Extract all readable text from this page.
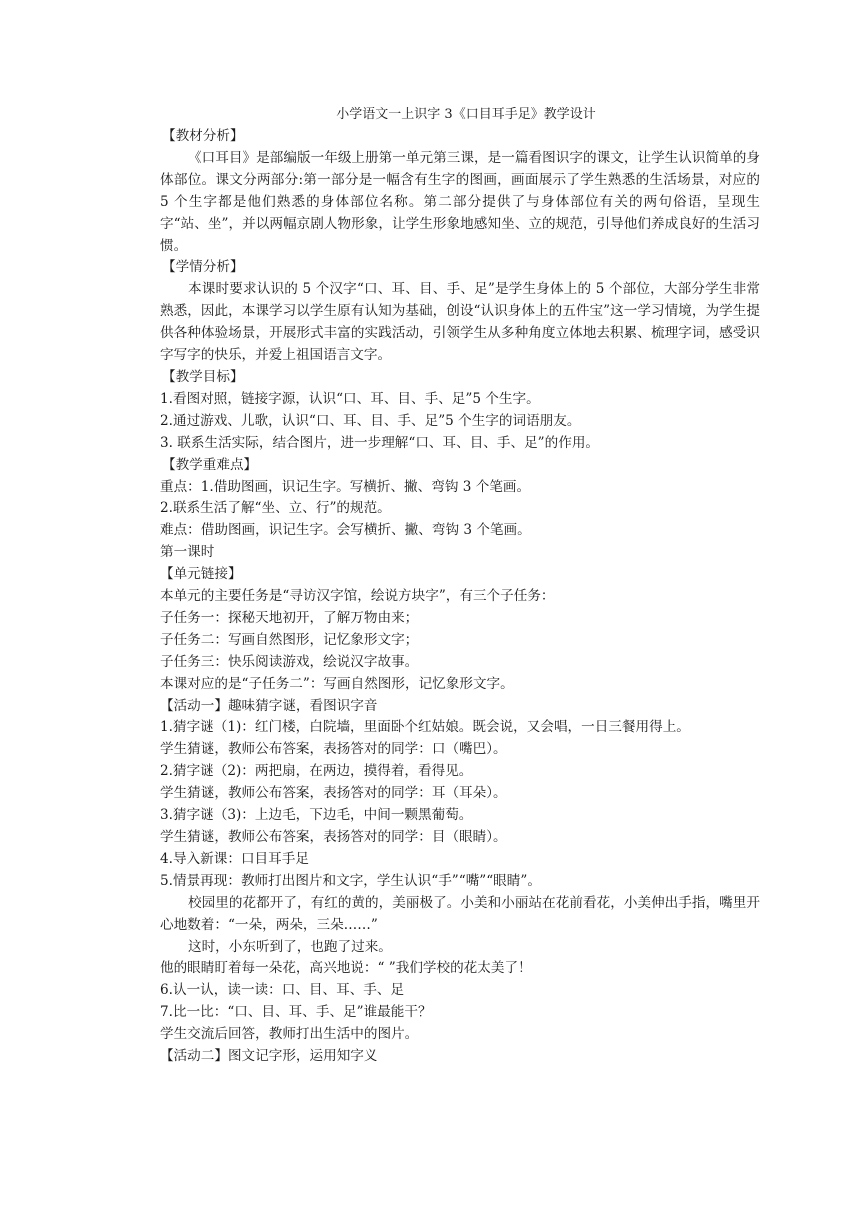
小学语文一上识字 3《口目耳手足》教学设计

【教材分析】

《口耳目》是部编版一年级上册第一单元第三课，是一篇看图识字的课文，让学生认识简单的身体部位。课文分两部分:第一部分是一幅含有生字的图画，画面展示了学生熟悉的生活场景，对应的 5 个生字都是他们熟悉的身体部位名称。第二部分提供了与身体部位有关的两句俗语，呈现生字“站、坐”，并以两幅京剧人物形象，让学生形象地感知坐、立的规范，引导他们养成良好的生活习惯。

【学情分析】

本课时要求认识的 5 个汉字“口、耳、目、手、足”是学生身体上的 5 个部位，大部分学生非常熟悉，因此，本课学习以学生原有认知为基础，创设“认识身体上的五件宝”这一学习情境，为学生提供各种体验场景，开展形式丰富的实践活动，引领学生从多种角度立体地去积累、梳理字词，感受识字写字的快乐，并爱上祖国语言文字。

【教学目标】

1.看图对照，链接字源，认识“口、耳、目、手、足”5 个生字。

2.通过游戏、儿歌，认识“口、耳、目、手、足”5 个生字的词语朋友。

3. 联系生活实际，结合图片，进一步理解“口、耳、目、手、足”的作用。

【教学重难点】

重点：1.借助图画，识记生字。写横折、撇、弯钩 3 个笔画。

2.联系生活了解“坐、立、行”的规范。

难点：借助图画，识记生字。会写横折、撇、弯钩 3 个笔画。

第一课时

【单元链接】

本单元的主要任务是“寻访汉字馆，绘说方块字”，有三个子任务：

子任务一：探秘天地初开，了解万物由来；

子任务二：写画自然图形，记忆象形文字；

子任务三：快乐阅读游戏，绘说汉字故事。

本课对应的是“子任务二”：写画自然图形，记忆象形文字。

【活动一】趣味猜字谜，看图识字音

1.猜字谜（1)：红门楼，白院墙，里面卧个红姑娘。既会说，又会唱，一日三餐用得上。

学生猜谜，教师公布答案，表扬答对的同学：口（嘴巴）。

2.猜字谜（2)：两把扇，在两边，摸得着，看得见。

学生猜谜，教师公布答案，表扬答对的同学：耳（耳朵）。

3.猜字谜（3)：上边毛，下边毛，中间一颗黑葡萄。

学生猜谜，教师公布答案，表扬答对的同学：目（眼睛）。

4.导入新课：口目耳手足

5.情景再现：教师打出图片和文字，学生认识“手”“嘴”“眼睛”。

校园里的花都开了，有红的黄的，美丽极了。小美和小丽站在花前看花，小美伸出手指，嘴里开心地数着：“一朵，两朵，三朵……”

这时，小东听到了，也跑了过来。

他的眼睛盯着每一朵花，高兴地说：“ ”我们学校的花太美了！

6.认一认，读一读：口、目、耳、手、足

7.比一比：“口、目、耳、手、足”谁最能干？

学生交流后回答，教师打出生活中的图片。

【活动二】图文记字形，运用知字义
